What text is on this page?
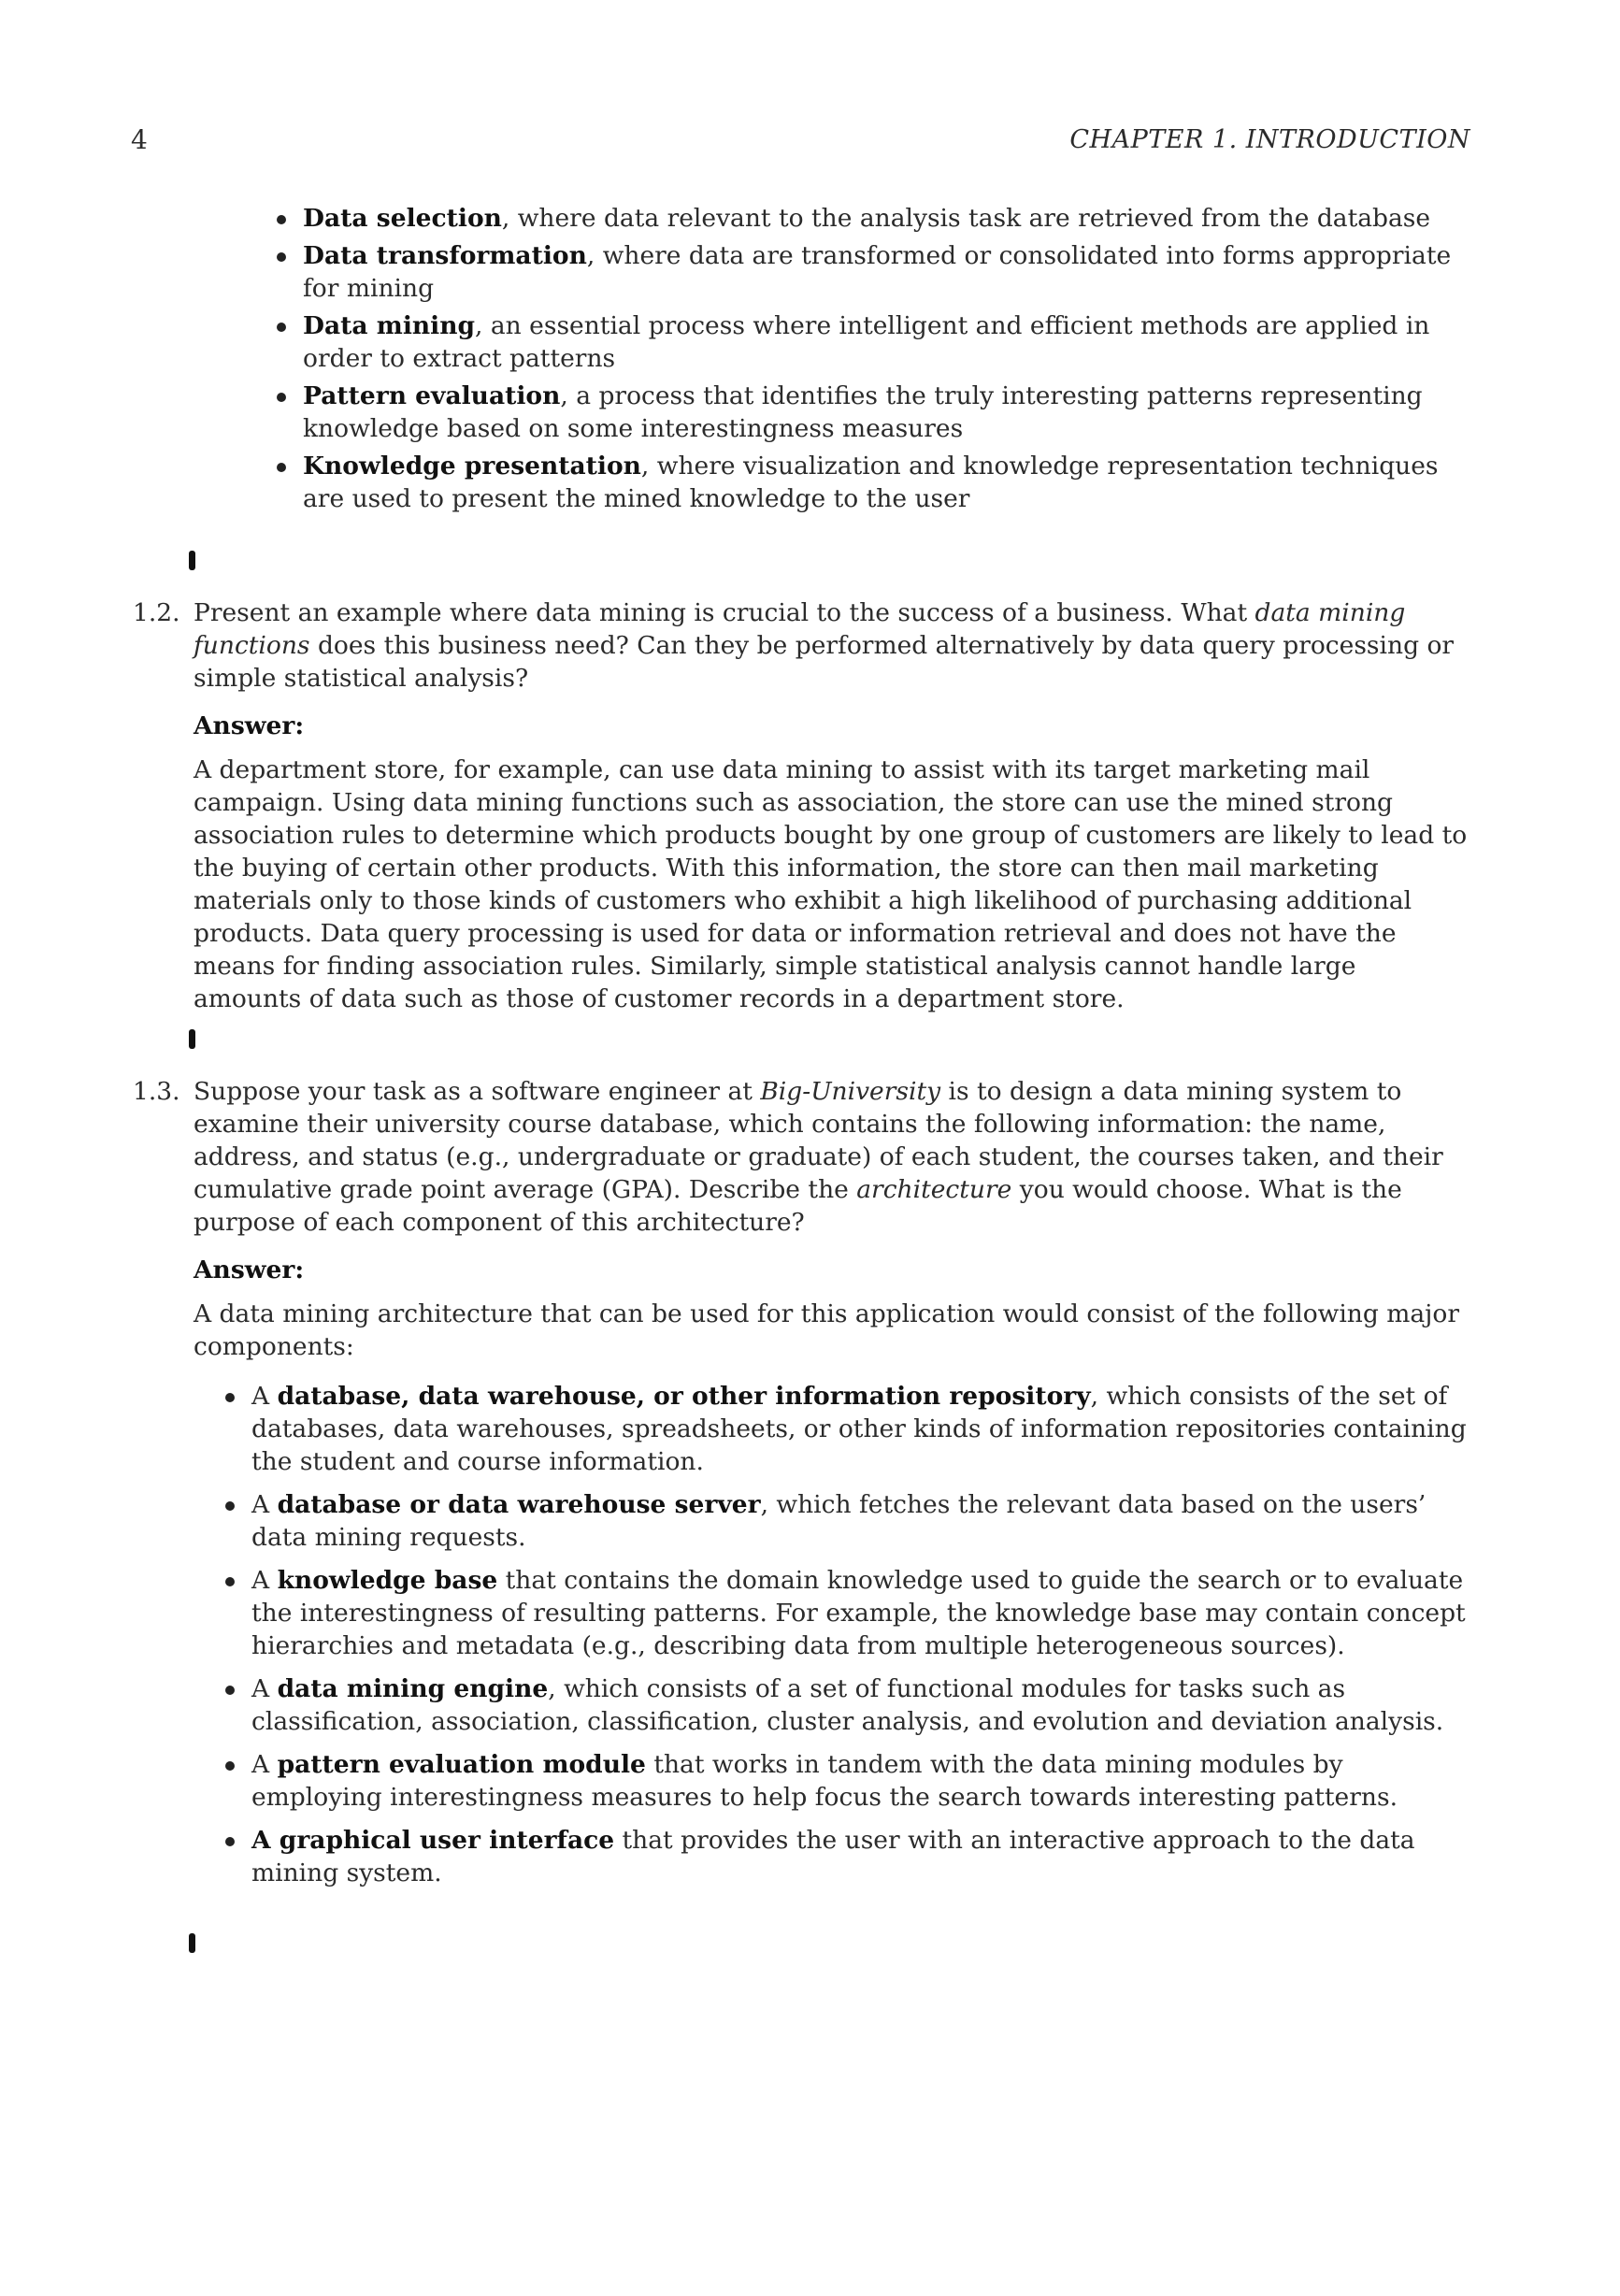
4	CHAPTER 1. INTRODUCTION
Data selection, where data relevant to the analysis task are retrieved from the database
Data transformation, where data are transformed or consolidated into forms appropriate for mining
Data mining, an essential process where intelligent and efficient methods are applied in order to extract patterns
Pattern evaluation, a process that identifies the truly interesting patterns representing knowledge based on some interestingness measures
Knowledge presentation, where visualization and knowledge representation techniques are used to present the mined knowledge to the user
1.2. Present an example where data mining is crucial to the success of a business. What data mining functions does this business need? Can they be performed alternatively by data query processing or simple statistical analysis?
Answer:
A department store, for example, can use data mining to assist with its target marketing mail campaign. Using data mining functions such as association, the store can use the mined strong association rules to determine which products bought by one group of customers are likely to lead to the buying of certain other products. With this information, the store can then mail marketing materials only to those kinds of customers who exhibit a high likelihood of purchasing additional products. Data query processing is used for data or information retrieval and does not have the means for finding association rules. Similarly, simple statistical analysis cannot handle large amounts of data such as those of customer records in a department store.
1.3. Suppose your task as a software engineer at Big-University is to design a data mining system to examine their university course database, which contains the following information: the name, address, and status (e.g., undergraduate or graduate) of each student, the courses taken, and their cumulative grade point average (GPA). Describe the architecture you would choose. What is the purpose of each component of this architecture?
Answer:
A data mining architecture that can be used for this application would consist of the following major components:
A database, data warehouse, or other information repository, which consists of the set of databases, data warehouses, spreadsheets, or other kinds of information repositories containing the student and course information.
A database or data warehouse server, which fetches the relevant data based on the users’ data mining requests.
A knowledge base that contains the domain knowledge used to guide the search or to evaluate the interestingness of resulting patterns. For example, the knowledge base may contain concept hierarchies and metadata (e.g., describing data from multiple heterogeneous sources).
A data mining engine, which consists of a set of functional modules for tasks such as classification, association, classification, cluster analysis, and evolution and deviation analysis.
A pattern evaluation module that works in tandem with the data mining modules by employing interestingness measures to help focus the search towards interesting patterns.
A graphical user interface that provides the user with an interactive approach to the data mining system.
